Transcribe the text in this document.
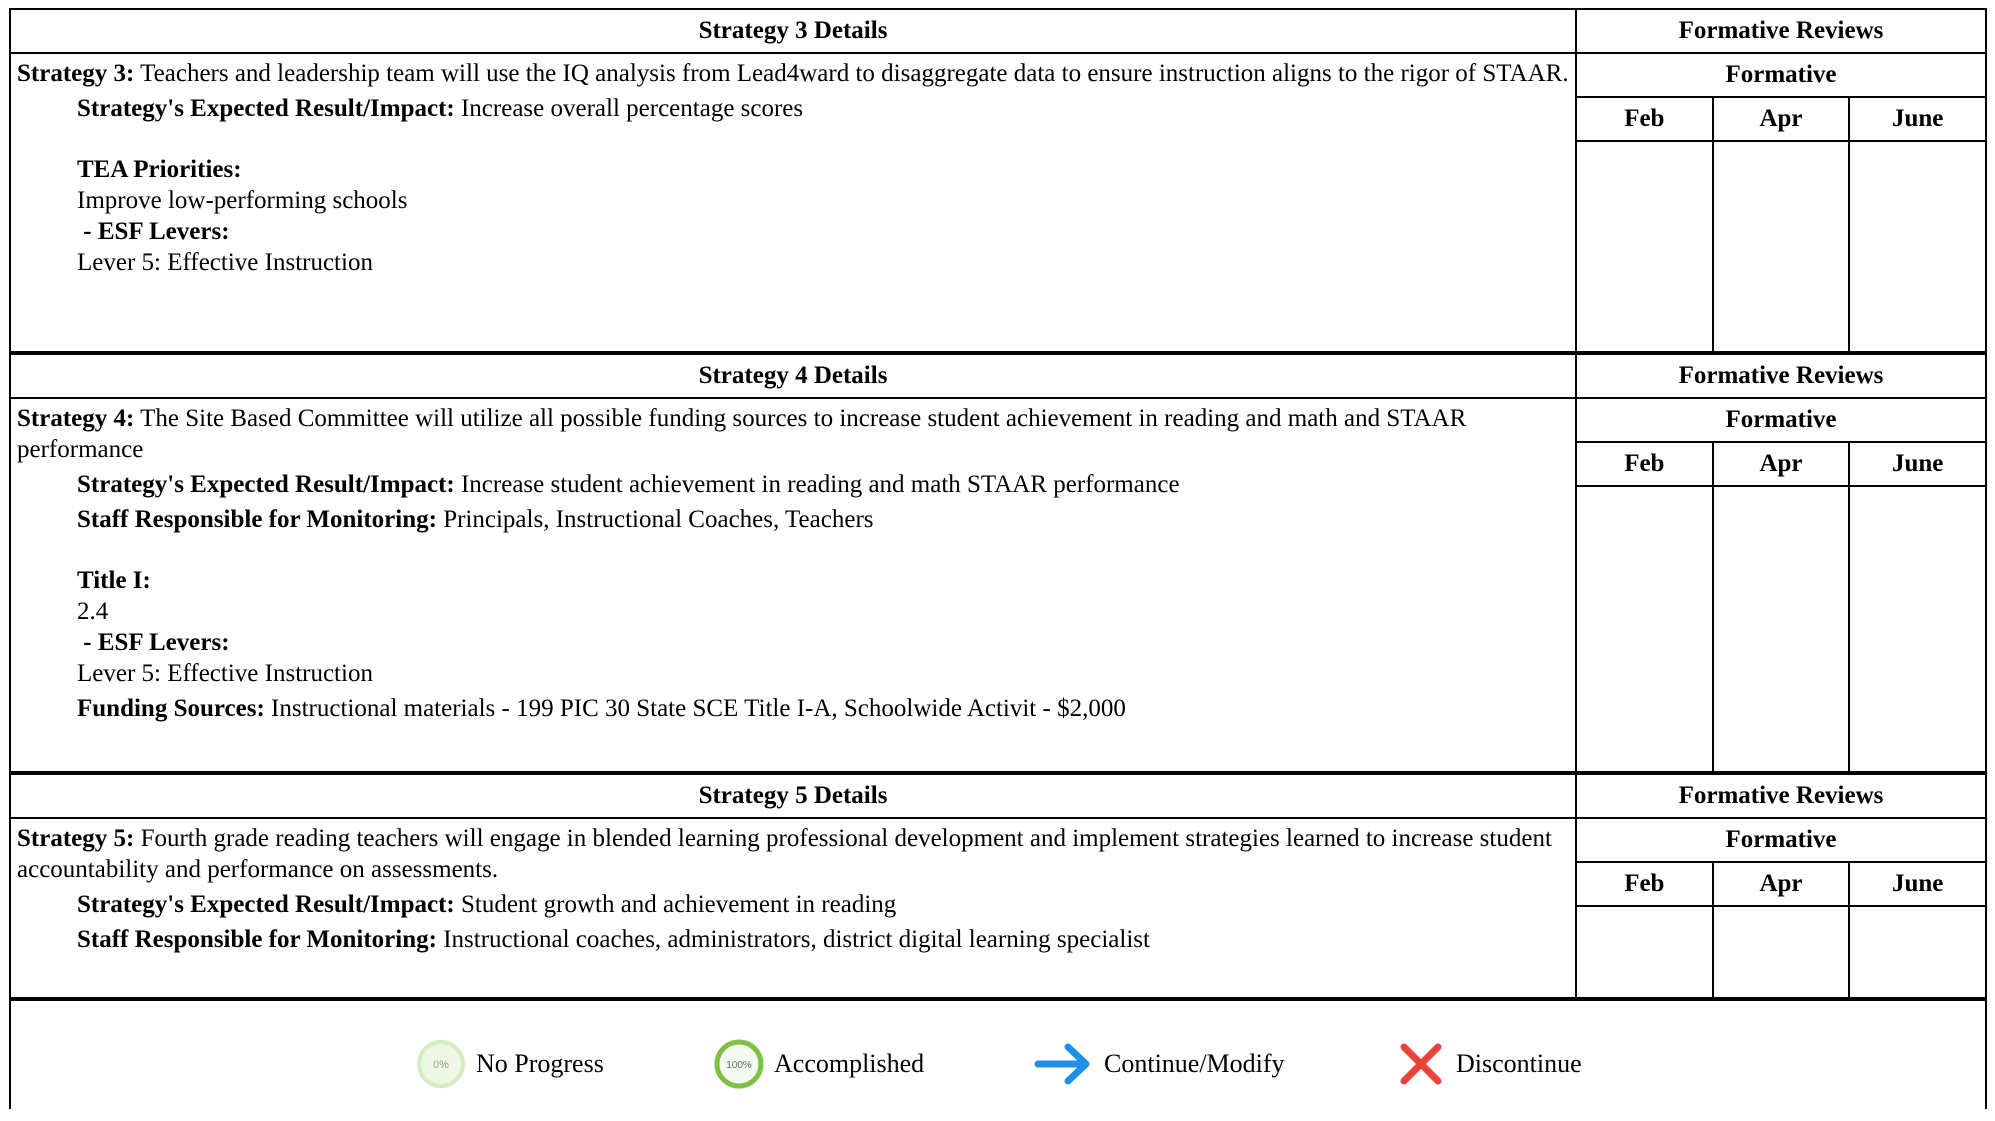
Strategy 3 Details

Strategy 3: Teachers and leadership team will use the IQ analysis from Lead4ward to disaggregate data to ensure instruction aligns to the rigor of STAAR.

Strategy's Expected Result/Impact: Increase overall percentage scores
TEA Priorities:
Improve low-performing schools
- ESF Levers:
Lever 5: Effective Instruction
Formative Reviews
Formative
Feb	Apr	June
Strategy 4 Details

Strategy 4: The Site Based Committee will utilize all possible funding sources to increase student achievement in reading and math and STAAR performance

Strategy's Expected Result/Impact: Increase student achievement in reading and math STAAR performance
Staff Responsible for Monitoring: Principals, Instructional Coaches, Teachers
Title I:
2.4
- ESF Levers:
Lever 5: Effective Instruction
Funding Sources: Instructional materials - 199 PIC 30 State SCE Title I-A, Schoolwide Activit - $2,000
Formative Reviews
Formative
Feb	Apr	June
Strategy 5 Details

Strategy 5: Fourth grade reading teachers will engage in blended learning professional development and implement strategies learned to increase student accountability and performance on assessments.

Strategy's Expected Result/Impact: Student growth and achievement in reading
Staff Responsible for Monitoring: Instructional coaches, administrators, district digital learning specialist
Formative Reviews
Formative
Feb	Apr	June
0% No Progress	100% Accomplished	Continue/Modify	Discontinue
